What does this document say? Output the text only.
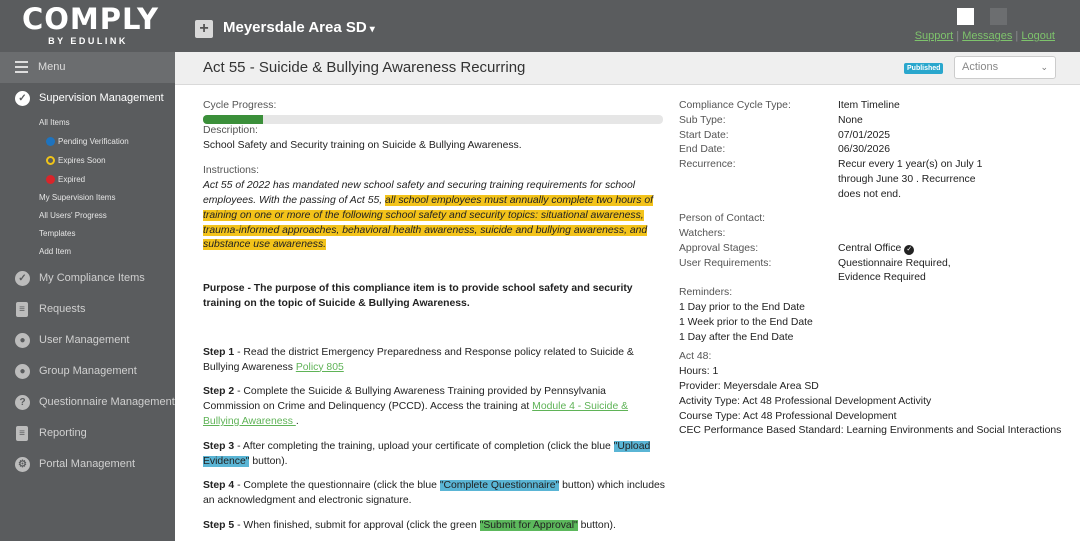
COMPLY
BY EDULINK
+ Meyersdale Area SD ▾
Support | Messages | Logout
Menu
✓	Supervision Management
All Items
Pending Verification
Expires Soon
Expired
My Supervision Items
All Users' Progress
Templates
Add Item
✓	My Compliance Items
≡ Requests
●	User Management
●	Group Management
?	Questionnaire Management
≡ Reporting
⚙ Portal Management
Act 55 - Suicide & Bullying Awareness Recurring	Published	Actions	⌄
Cycle Progress:
Description:
School Safety and Security training on Suicide & Bullying Awareness.
Instructions:
Act 55 of 2022 has mandated new school safety and securing training requirements for school employees. With the passing of Act 55, all school employees must annually complete two hours of training on one or more of the following school safety and security topics: situational awareness, trauma-informed approaches, behavioral health awareness, suicide and bullying awareness, and substance use awareness.
Purpose - The purpose of this compliance item is to provide school safety and security training on the topic of Suicide & Bullying Awareness.
Step 1 - Read the district Emergency Preparedness and Response policy related to Suicide & Bullying Awareness Policy 805
Step 2 - Complete the Suicide & Bullying Awareness Training provided by Pennsylvania Commission on Crime and Delinquency (PCCD). Access the training at Module 4 - Suicide & Bullying Awareness .
Step 3 - After completing the training, upload your certificate of completion (click the blue "Upload Evidence" button).
Step 4 - Complete the questionnaire (click the blue "Complete Questionnaire" button) which includes an acknowledgment and electronic signature.
Step 5 - When finished, submit for approval (click the green "Submit for Approval" button).
Compliance Cycle Type:	Item Timeline
Sub Type:	None
Start Date:	07/01/2025
End Date:	06/30/2026
Recurrence:	Recur every 1 year(s) on July 1 through June 30 . Recurrence does not end.
Person of Contact:
Watchers:
Approval Stages:	Central Office ✓
User Requirements:	Questionnaire Required,
Evidence Required
Reminders:
1 Day prior to the End Date
1 Week prior to the End Date
1 Day after the End Date
Act 48:
Hours: 1
Provider: Meyersdale Area SD
Activity Type: Act 48 Professional Development Activity
Course Type: Act 48 Professional Development
CEC Performance Based Standard: Learning Environments and Social Interactions
